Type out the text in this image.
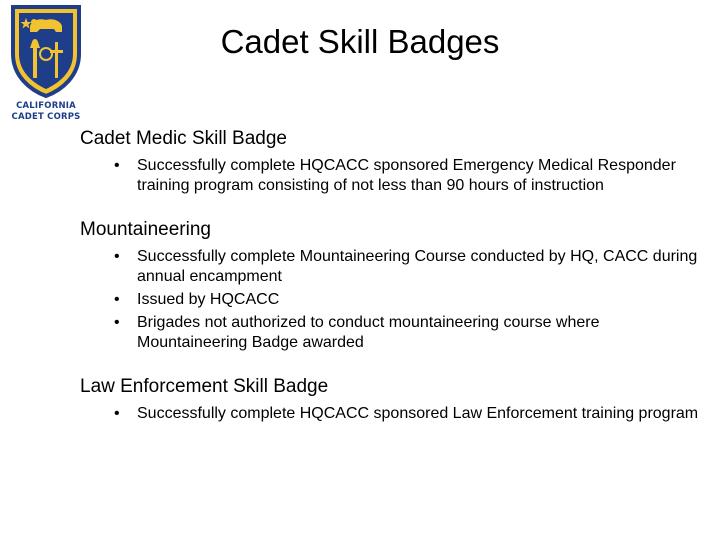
CALIFORNIA
CADET CORPS
Cadet Skill Badges
Cadet Medic Skill Badge
• Successfully complete HQCACC sponsored Emergency Medical Responder training program consisting of not less than 90 hours of instruction
Mountaineering
• Successfully complete Mountaineering Course conducted by HQ, CACC during annual encampment
• Issued by HQCACC
• Brigades not authorized to conduct mountaineering course where Mountaineering Badge awarded
Law Enforcement Skill Badge
• Successfully complete HQCACC sponsored Law Enforcement training program
